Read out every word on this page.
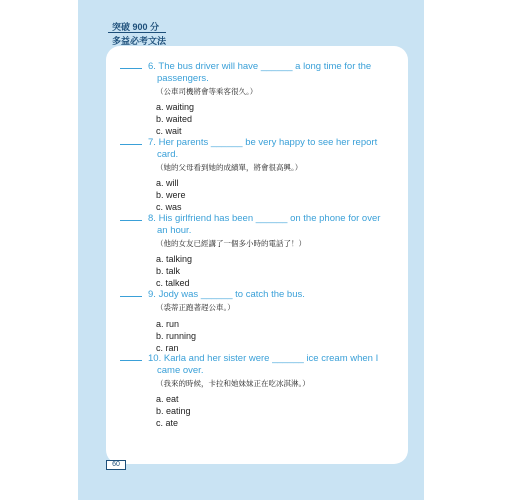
突破 900 分
多益必考文法
6. The bus driver will have ______ a long time for the
passengers.
（公車司機將會等乘客很久。）
a. waiting
b. waited
c. wait
7. Her parents ______ be very happy to see her report
card.
（她的父母看到她的成績單，將會很高興。）
a. will
b. were
c. was
8. His girlfriend has been ______ on the phone for over
an hour.
（他的女友已經講了一個多小時的電話了！）
a. talking
b. talk
c. talked
9. Jody was ______ to catch the bus.
（裘蒂正跑著趕公車。）
a. run
b. running
c. ran
10. Karla and her sister were ______ ice cream when I
came over.
（我來的時候，卡拉和她妹妹正在吃冰淇淋。）
a. eat
b. eating
c. ate
60
